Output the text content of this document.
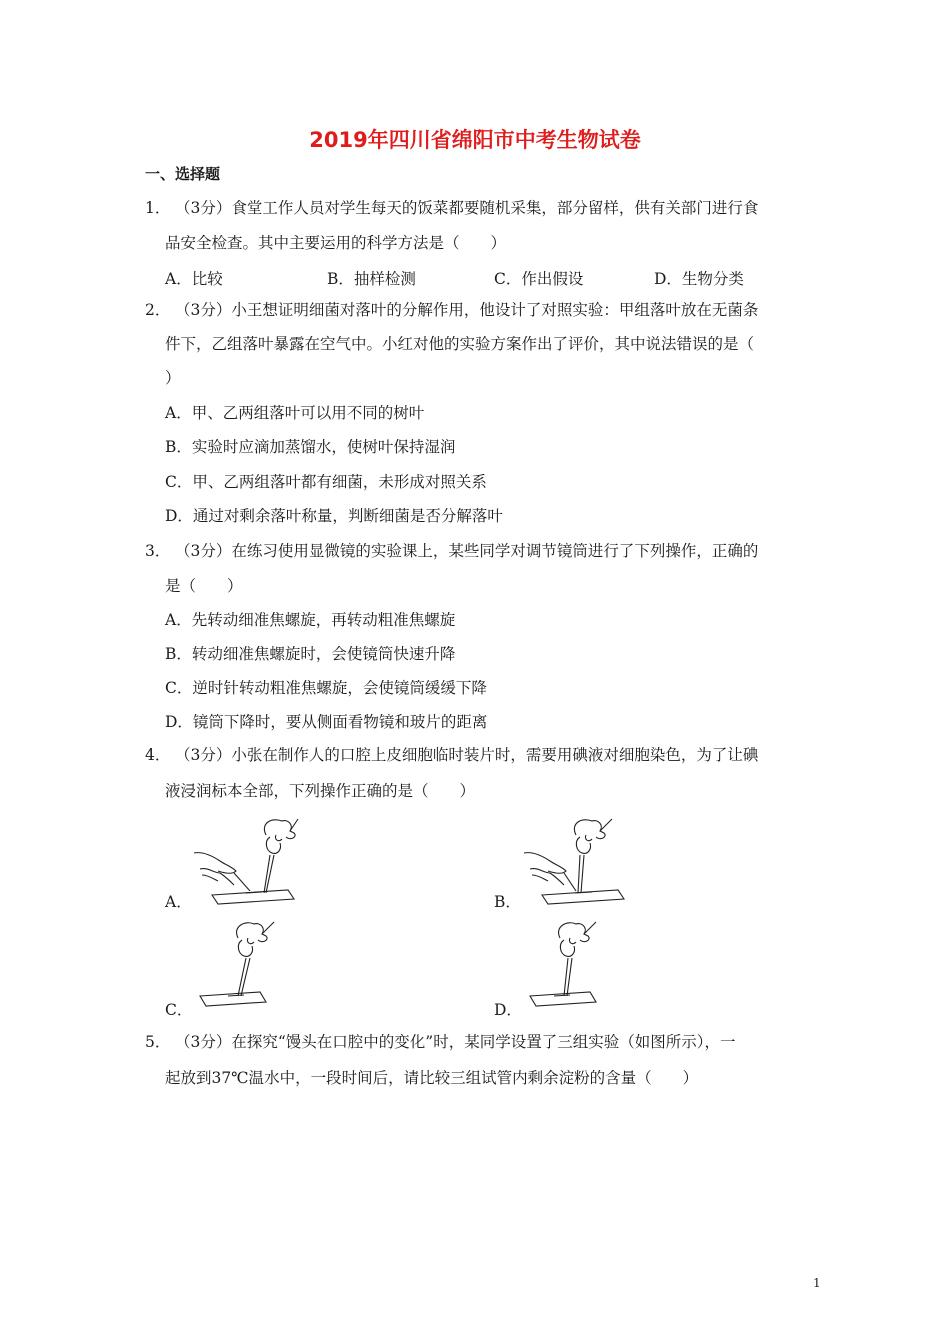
2019年四川省绵阳市中考生物试卷
一、选择题
1． （3分）食堂工作人员对学生每天的饭菜都要随机采集，部分留样，供有关部门进行食
品安全检查。其中主要运用的科学方法是（　　）
A．比较	B．抽样检测	C．作出假设	D．生物分类
2． （3分）小王想证明细菌对落叶的分解作用，他设计了对照实验：甲组落叶放在无菌条
件下，乙组落叶暴露在空气中。小红对他的实验方案作出了评价，其中说法错误的是（
）
A．甲、乙两组落叶可以用不同的树叶
B．实验时应滴加蒸馏水，使树叶保持湿润
C．甲、乙两组落叶都有细菌，未形成对照关系
D．通过对剩余落叶称量，判断细菌是否分解落叶
3． （3分）在练习使用显微镜的实验课上，某些同学对调节镜筒进行了下列操作，正确的
是（　　）
A．先转动细准焦螺旋，再转动粗准焦螺旋
B．转动细准焦螺旋时，会使镜筒快速升降
C．逆时针转动粗准焦螺旋，会使镜筒缓缓下降
D．镜筒下降时，要从侧面看物镜和玻片的距离
4． （3分）小张在制作人的口腔上皮细胞临时装片时，需要用碘液对细胞染色，为了让碘
液浸润标本全部，下列操作正确的是（　　）
A．	B．
C．	D．
5． （3分）在探究“馒头在口腔中的变化”时，某同学设置了三组实验（如图所示），一
起放到37℃温水中，一段时间后，请比较三组试管内剩余淀粉的含量（　　）
1
